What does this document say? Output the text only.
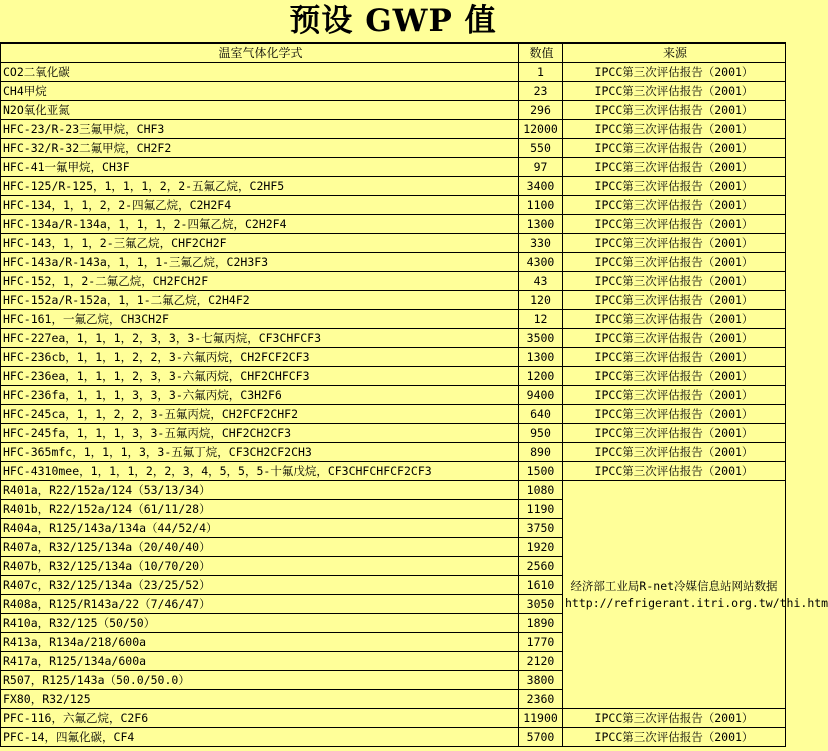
预设 GWP 值
温室气体化学式	数值	来源
CO2二氧化碳	1	IPCC第三次评估报告（2001）
CH4甲烷	23	IPCC第三次评估报告（2001）
N2O氧化亚氮	296	IPCC第三次评估报告（2001）
HFC-23/R-23三氟甲烷，CHF3	12000	IPCC第三次评估报告（2001）
HFC-32/R-32二氟甲烷，CH2F2	550	IPCC第三次评估报告（2001）
HFC-41一氟甲烷，CH3F	97	IPCC第三次评估报告（2001）
HFC-125/R-125，1，1，1，2，2-五氟乙烷，C2HF5	3400	IPCC第三次评估报告（2001）
HFC-134，1，1，2，2-四氟乙烷，C2H2F4	1100	IPCC第三次评估报告（2001）
HFC-134a/R-134a，1，1，1，2-四氟乙烷，C2H2F4	1300	IPCC第三次评估报告（2001）
HFC-143，1，1，2-三氟乙烷，CHF2CH2F	330	IPCC第三次评估报告（2001）
HFC-143a/R-143a，1，1，1-三氟乙烷，C2H3F3	4300	IPCC第三次评估报告（2001）
HFC-152，1，2-二氟乙烷，CH2FCH2F	43	IPCC第三次评估报告（2001）
HFC-152a/R-152a，1，1-二氟乙烷，C2H4F2	120	IPCC第三次评估报告（2001）
HFC-161，一氟乙烷，CH3CH2F	12	IPCC第三次评估报告（2001）
HFC-227ea，1，1，1，2，3，3，3-七氟丙烷，CF3CHFCF3	3500	IPCC第三次评估报告（2001）
HFC-236cb，1，1，1，2，2，3-六氟丙烷，CH2FCF2CF3	1300	IPCC第三次评估报告（2001）
HFC-236ea，1，1，1，2，3，3-六氟丙烷，CHF2CHFCF3	1200	IPCC第三次评估报告（2001）
HFC-236fa，1，1，1，3，3，3-六氟丙烷，C3H2F6	9400	IPCC第三次评估报告（2001）
HFC-245ca，1，1，2，2，3-五氟丙烷，CH2FCF2CHF2	640	IPCC第三次评估报告（2001）
HFC-245fa，1，1，1，3，3-五氟丙烷，CHF2CH2CF3	950	IPCC第三次评估报告（2001）
HFC-365mfc，1，1，1，3，3-五氟丁烷，CF3CH2CF2CH3	890	IPCC第三次评估报告（2001）
HFC-4310mee，1，1，1，2，2，3，4，5，5，5-十氟戊烷，CF3CHFCHFCF2CF3	1500	IPCC第三次评估报告（2001）
R401a，R22/152a/124（53/13/34）	1080	经济部工业局R-net冷媒信息站网站数据 http://refrigerant.itri.org.tw/thi.htm
R401b，R22/152a/124（61/11/28）	1190	
R404a，R125/143a/134a（44/52/4）	3750	
R407a，R32/125/134a（20/40/40）	1920	
R407b，R32/125/134a（10/70/20）	2560	
R407c，R32/125/134a（23/25/52）	1610	
R408a，R125/R143a/22（7/46/47）	3050	
R410a，R32/125（50/50）	1890	
R413a，R134a/218/600a	1770	
R417a，R125/134a/600a	2120	
R507，R125/143a（50.0/50.0）	3800	
FX80，R32/125	2360	
PFC-116，六氟乙烷，C2F6	11900	IPCC第三次评估报告（2001）
PFC-14，四氟化碳，CF4	5700	IPCC第三次评估报告（2001）
